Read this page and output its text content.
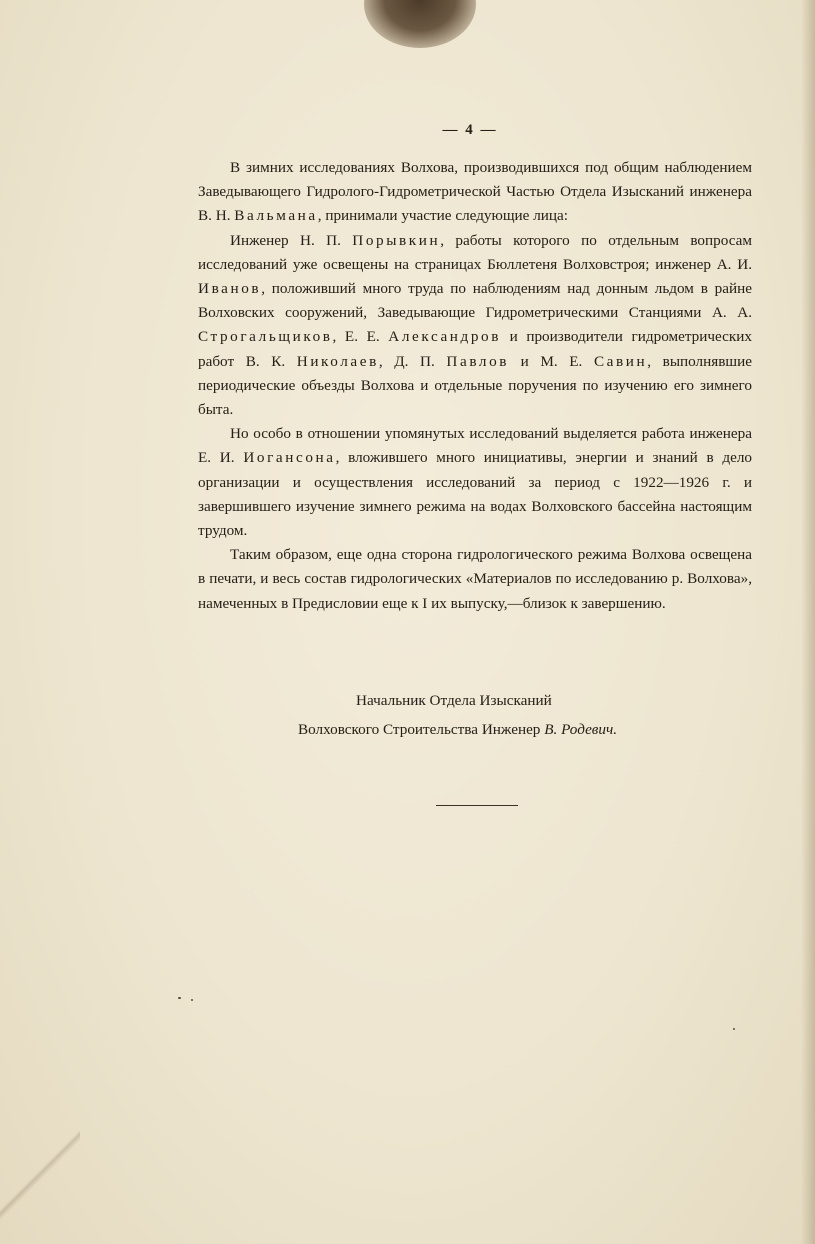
— 4 —

В зимних исследованиях Волхова, производившихся под общим наблюдением Заведывающего Гидролого-Гидрометрической Частью Отдела Изысканий инженера В. Н. Вальмана, принимали участие следующие лица:

Инженер Н. П. Порывкин, работы которого по отдельным вопросам исследований уже освещены на страницах Бюллетеня Волховстроя; инженер А. И. Иванов, положивший много труда по наблюдениям над донным льдом в райне Волховских сооружений, Заведывающие Гидрометрическими Станциями А. А. Строгальщиков, Е. Е. Александров и производители гидрометрических работ В. К. Николаев, Д. П. Павлов и М. Е. Савин, выполнявшие периодические объезды Волхова и отдельные поручения по изучению его зимнего быта.

Но особо в отношении упомянутых исследований выделяется работа инженера Е. И. Иогансона, вложившего много инициативы, энергии и знаний в дело организации и осуществления исследований за период с 1922—1926 г. и завершившего изучение зимнего режима на водах Волховского бассейна настоящим трудом.

Таким образом, еще одна сторона гидрологического режима Волхова освещена в печати, и весь состав гидрологических «Материалов по исследованию р. Волхова», намеченных в Предисловии еще к I их выпуску,—близок к завершению.

Начальник Отдела Изысканий

Волховского Строительства Инженер В. Родевич.
